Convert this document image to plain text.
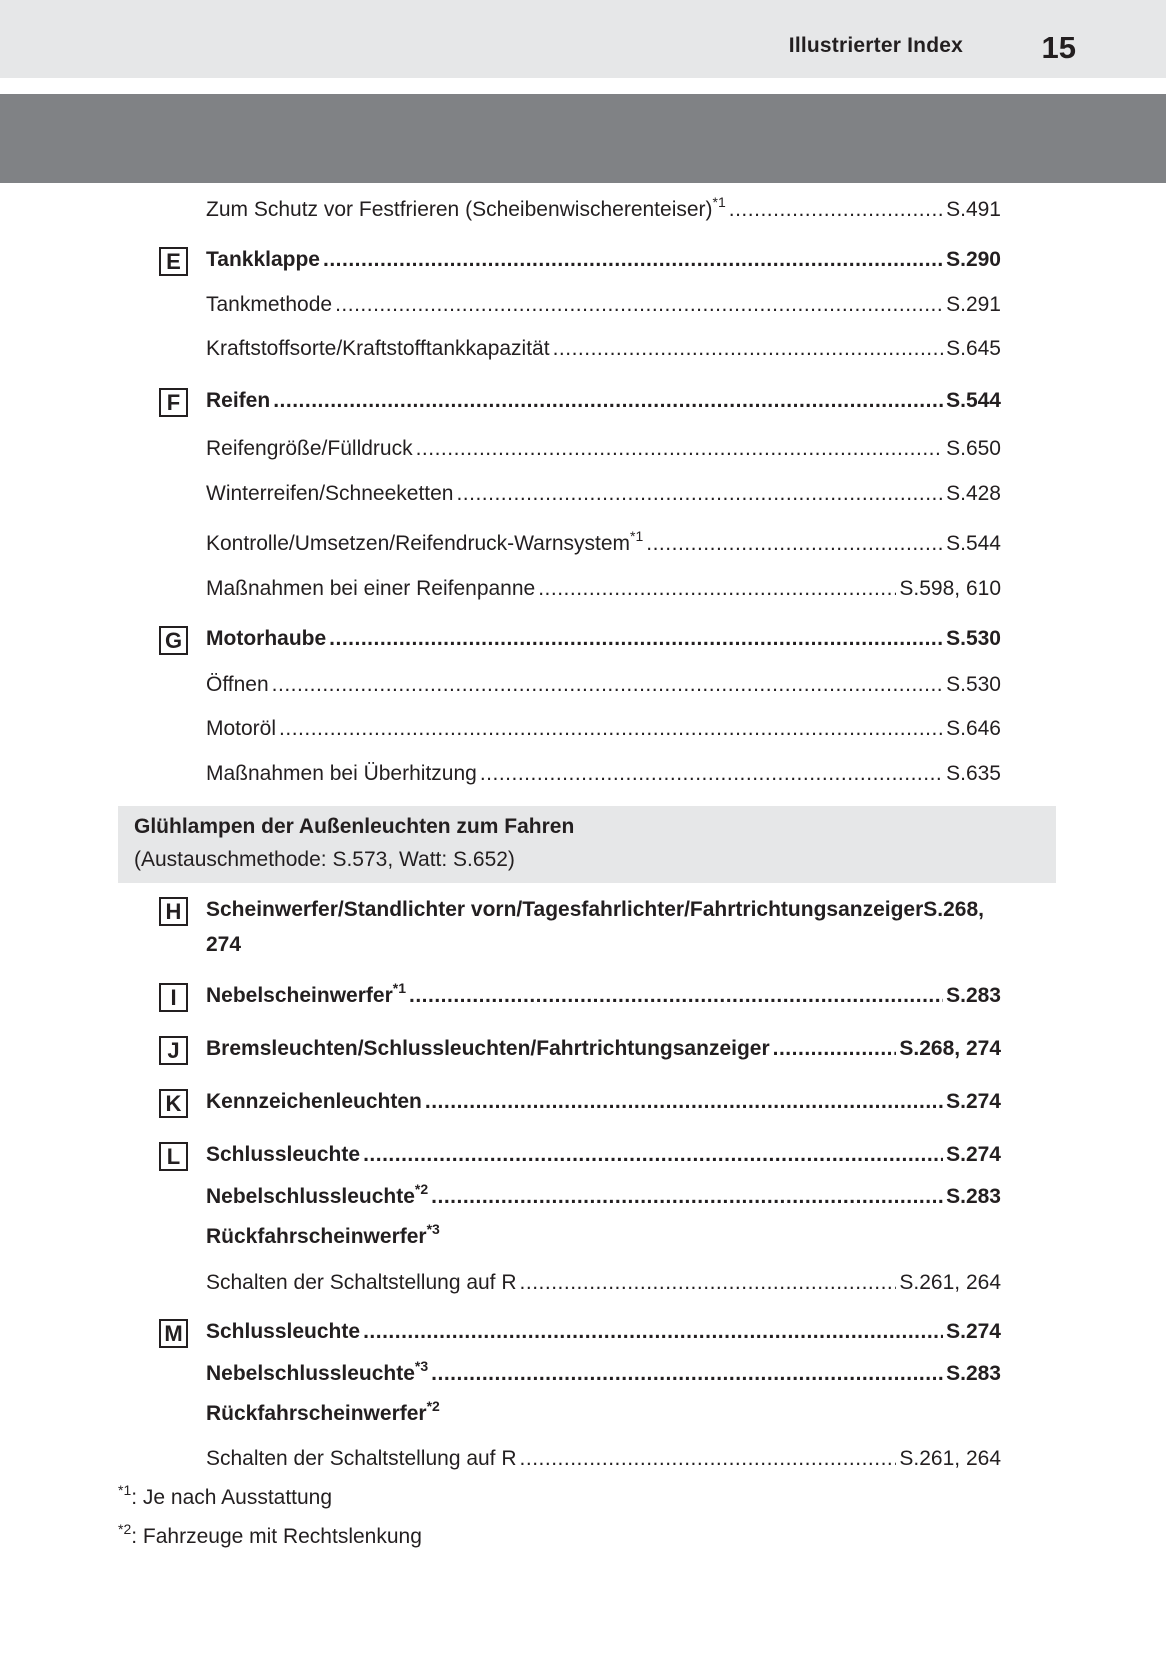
Illustrierter Index	15
Zum Schutz vor Festfrieren (Scheibenwischerenteiser)$^{*1}$ .....	S.491
E	Tankklappe .....	S.290
Tankmethode .....	S.291
Kraftstoffsorte/Kraftstofftankkapazität .....	S.645
F	Reifen .....	S.544
Reifengröße/Fülldruck .....	S.650
Winterreifen/Schneeketten .....	S.428
Kontrolle/Umsetzen/Reifendruck-Warnsystem$^{*1}$ .....	S.544
Maßnahmen bei einer Reifenpanne .....	S.598, 610
G Motorhaube .....	S.530
Öffnen .....	S.530
Motoröl .....	S.646
Maßnahmen bei Überhitzung .....	S.635
Glühlampen der Außenleuchten zum Fahren
(Austauschmethode: S.573, Watt: S.652)
H	Scheinwerfer/Standlichter vorn/Tagesfahrlichter/FahrtrichtungsanzeigerS.268,
274
I	Nebelscheinwerfer$^{*1}$ .....	S.283
J	Bremsleuchten/Schlussleuchten/Fahrtrichtungsanzeiger .....	S.268, 274
K	Kennzeichenleuchten .....	S.274
L	Schlussleuchte .....	S.274
Nebelschlussleuchte$^{*2}$ .....	S.283
Rückfahrscheinwerfer$^{*3}$
Schalten der Schaltstellung auf R .....	S.261, 264
M Schlussleuchte .....	S.274
Nebelschlussleuchte$^{*3}$ .....	S.283
Rückfahrscheinwerfer$^{*2}$
Schalten der Schaltstellung auf R .....	S.261, 264
$^{*1}$: Je nach Ausstattung
$^{*2}$: Fahrzeuge mit Rechtslenkung
